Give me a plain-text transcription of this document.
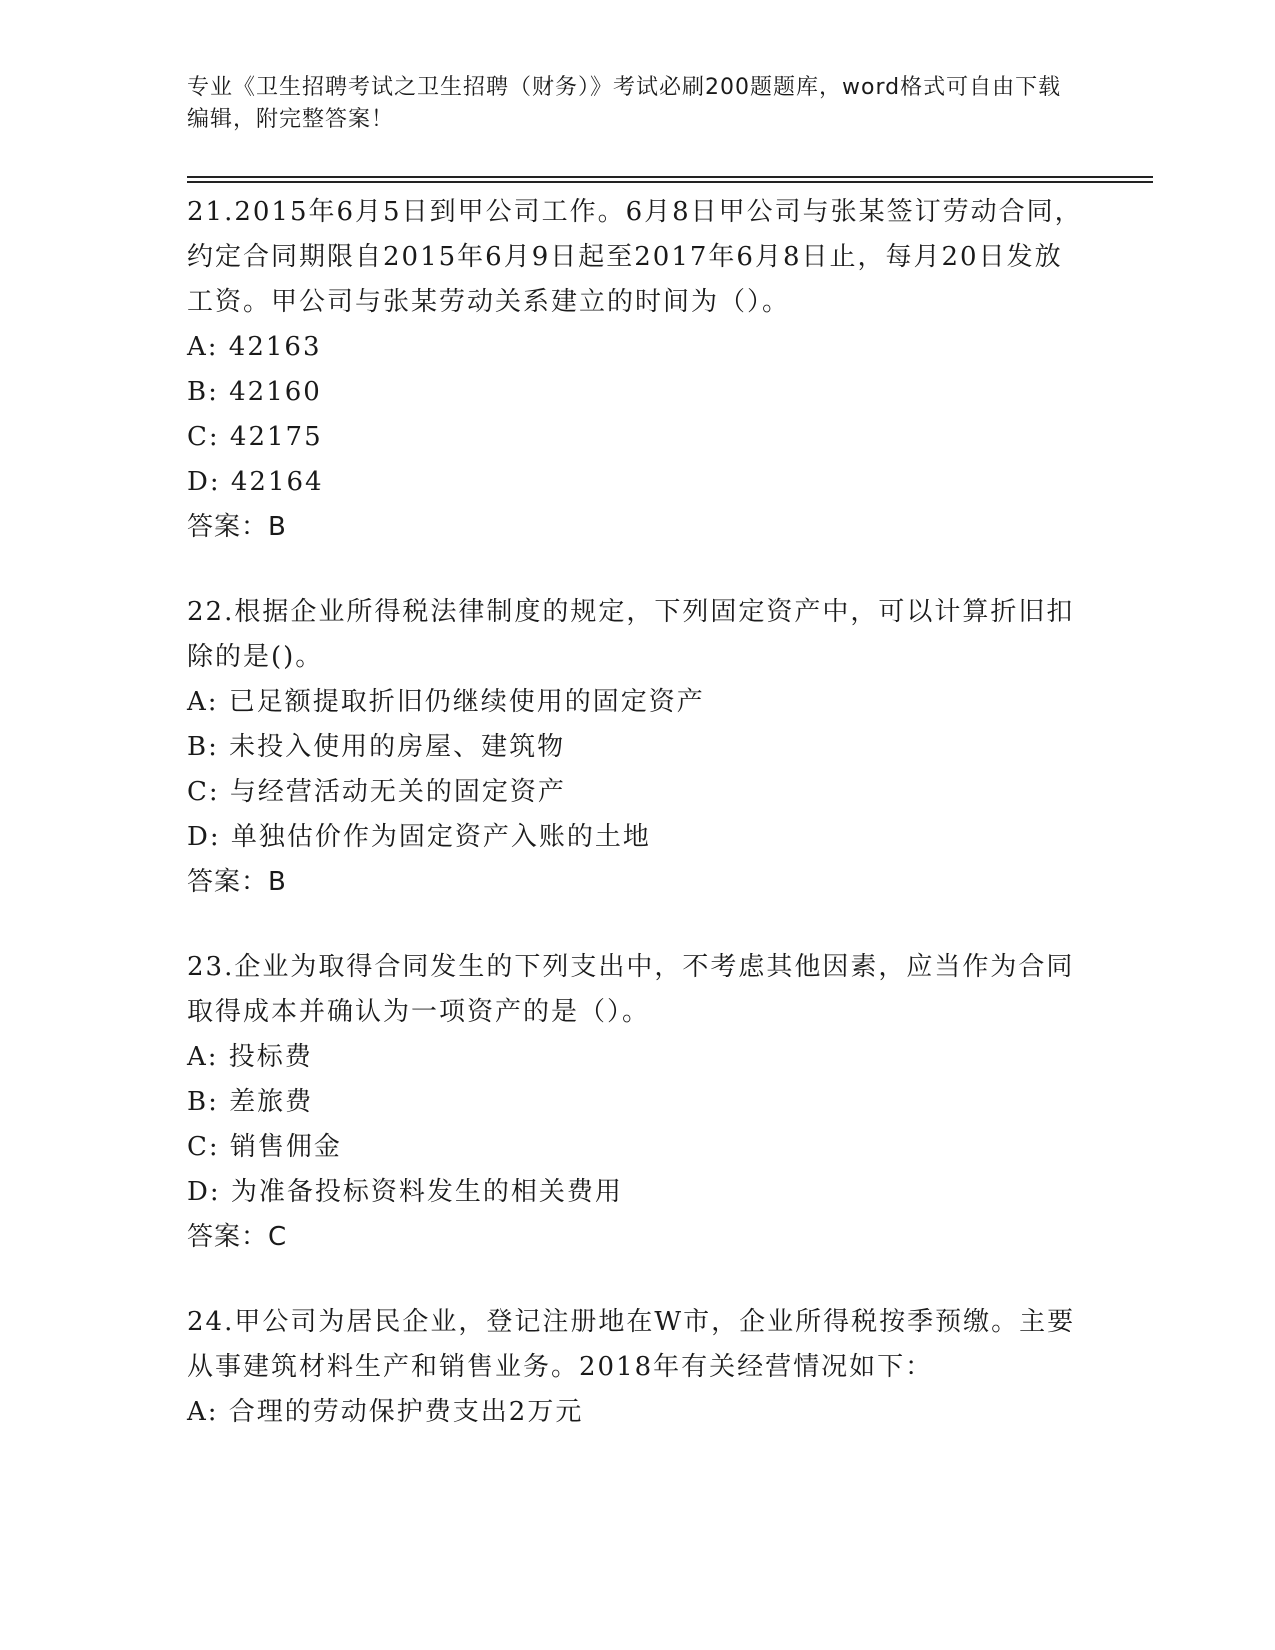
专业《卫生招聘考试之卫生招聘（财务）》考试必刷200题题库，word格式可自由下载编辑，附完整答案！

21.2015年6月5日到甲公司工作。6月8日甲公司与张某签订劳动合同，约定合同期限自2015年6月9日起至2017年6月8日止，每月20日发放工资。甲公司与张某劳动关系建立的时间为（）。

A: 42163

B: 42160

C: 42175

D: 42164

答案：B

22.根据企业所得税法律制度的规定，下列固定资产中，可以计算折旧扣除的是()。

A: 已足额提取折旧仍继续使用的固定资产

B: 未投入使用的房屋、建筑物

C: 与经营活动无关的固定资产

D: 单独估价作为固定资产入账的土地

答案：B

23.企业为取得合同发生的下列支出中，不考虑其他因素，应当作为合同取得成本并确认为一项资产的是（）。

A: 投标费

B: 差旅费

C: 销售佣金

D: 为准备投标资料发生的相关费用

答案：C

24.甲公司为居民企业，登记注册地在W市，企业所得税按季预缴。主要从事建筑材料生产和销售业务。2018年有关经营情况如下：

A: 合理的劳动保护费支出2万元
